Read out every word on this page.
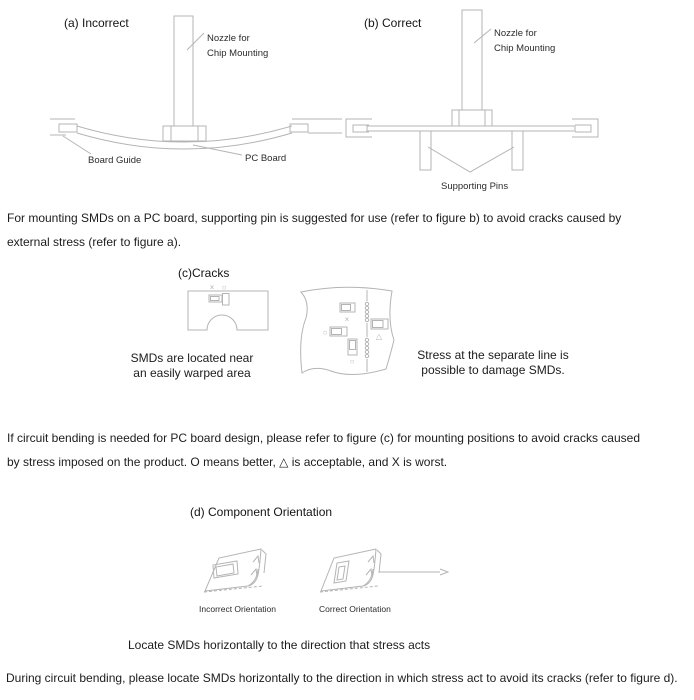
× ○
×
○
○
△
(a) Incorrect
Nozzle for
Chip Mounting
Board Guide	PC Board
(b) Correct
Nozzle for
Chip Mounting
Supporting Pins
For mounting SMDs on a PC board, supporting pin is suggested for use (refer to figure b) to avoid cracks caused by
external stress (refer to figure a).
(c)Cracks
SMDs are located near
an easily warped area
Stress at the separate line is
possible to damage SMDs.
If circuit bending is needed for PC board design, please refer to figure (c) for mounting positions to avoid cracks caused
by stress imposed on the product. O means better, △ is acceptable, and X is worst.
(d) Component Orientation
Incorrect Orientation	Correct Orientation
Locate SMDs horizontally to the direction that stress acts
During circuit bending, please locate SMDs horizontally to the direction in which stress act to avoid its cracks (refer to figure d).
